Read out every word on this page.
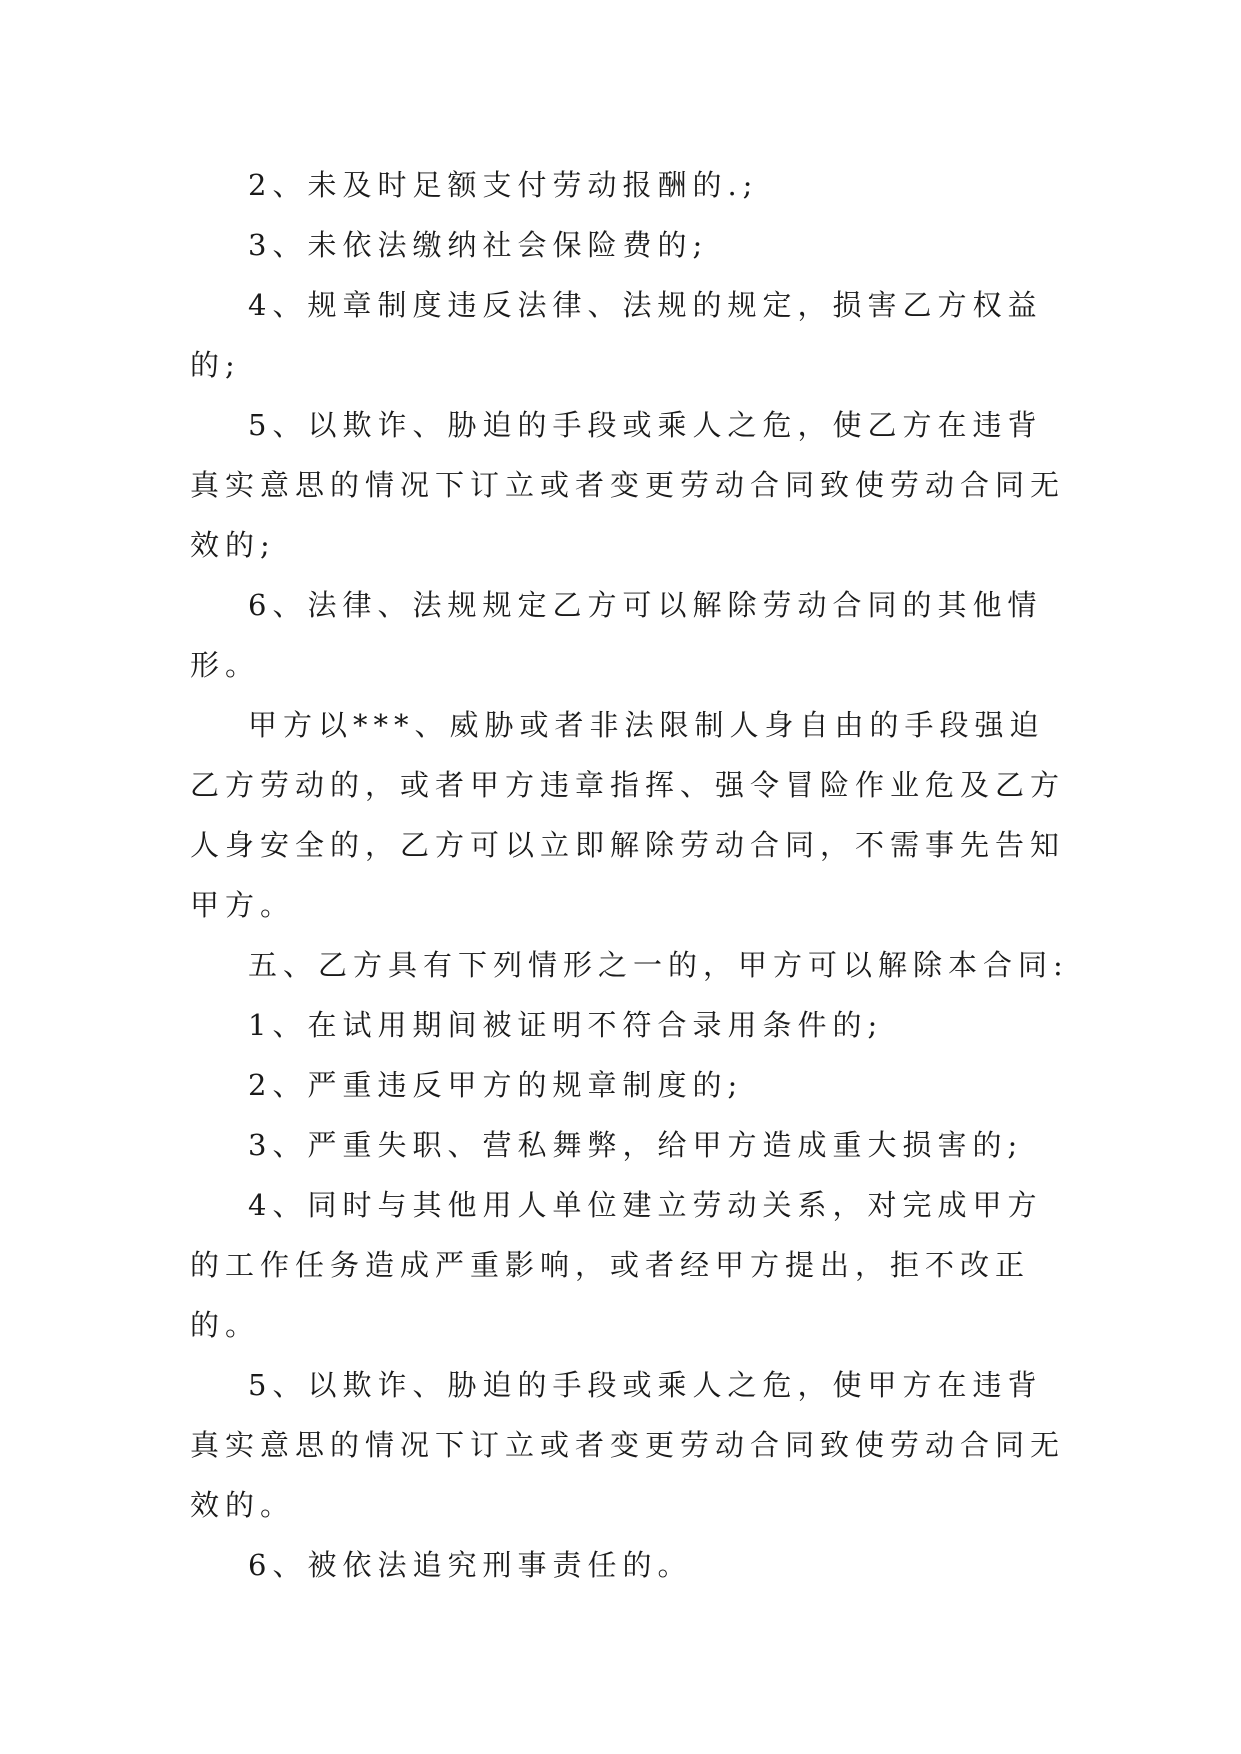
2、未及时足额支付劳动报酬的.;

3、未依法缴纳社会保险费的;

4、规章制度违反法律、法规的规定，损害乙方权益的;

5、以欺诈、胁迫的手段或乘人之危，使乙方在违背真实意思的情况下订立或者变更劳动合同致使劳动合同无效的;

6、法律、法规规定乙方可以解除劳动合同的其他情形。

甲方以***、威胁或者非法限制人身自由的手段强迫乙方劳动的，或者甲方违章指挥、强令冒险作业危及乙方人身安全的，乙方可以立即解除劳动合同，不需事先告知甲方。

五、乙方具有下列情形之一的，甲方可以解除本合同:

1、在试用期间被证明不符合录用条件的;

2、严重违反甲方的规章制度的;

3、严重失职、营私舞弊，给甲方造成重大损害的;

4、同时与其他用人单位建立劳动关系，对完成甲方的工作任务造成严重影响，或者经甲方提出，拒不改正的。

5、以欺诈、胁迫的手段或乘人之危，使甲方在违背真实意思的情况下订立或者变更劳动合同致使劳动合同无效的。

6、被依法追究刑事责任的。
